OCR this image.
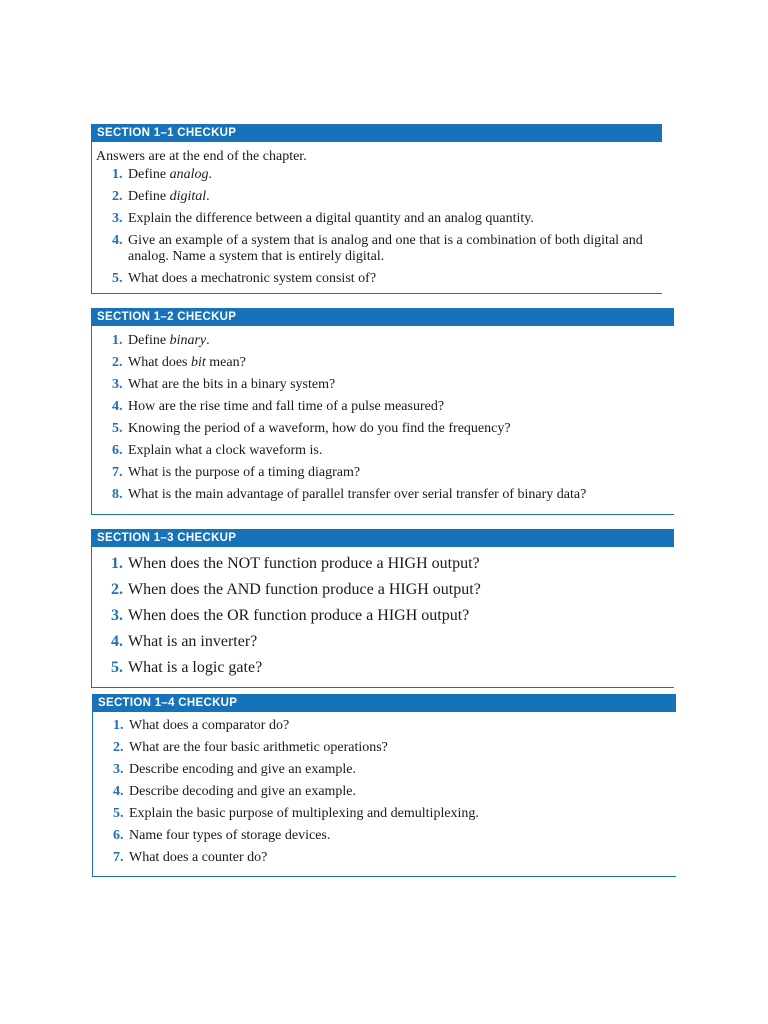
SECTION 1–1 CHECKUP
Answers are at the end of the chapter.
1. Define analog.
2. Define digital.
3. Explain the difference between a digital quantity and an analog quantity.
4. Give an example of a system that is analog and one that is a combination of both digital and analog. Name a system that is entirely digital.
5. What does a mechatronic system consist of?
SECTION 1–2 CHECKUP
1. Define binary.
2. What does bit mean?
3. What are the bits in a binary system?
4. How are the rise time and fall time of a pulse measured?
5. Knowing the period of a waveform, how do you find the frequency?
6. Explain what a clock waveform is.
7. What is the purpose of a timing diagram?
8. What is the main advantage of parallel transfer over serial transfer of binary data?
SECTION 1–3 CHECKUP
1. When does the NOT function produce a HIGH output?
2. When does the AND function produce a HIGH output?
3. When does the OR function produce a HIGH output?
4. What is an inverter?
5. What is a logic gate?
SECTION 1–4 CHECKUP
1. What does a comparator do?
2. What are the four basic arithmetic operations?
3. Describe encoding and give an example.
4. Describe decoding and give an example.
5. Explain the basic purpose of multiplexing and demultiplexing.
6. Name four types of storage devices.
7. What does a counter do?
